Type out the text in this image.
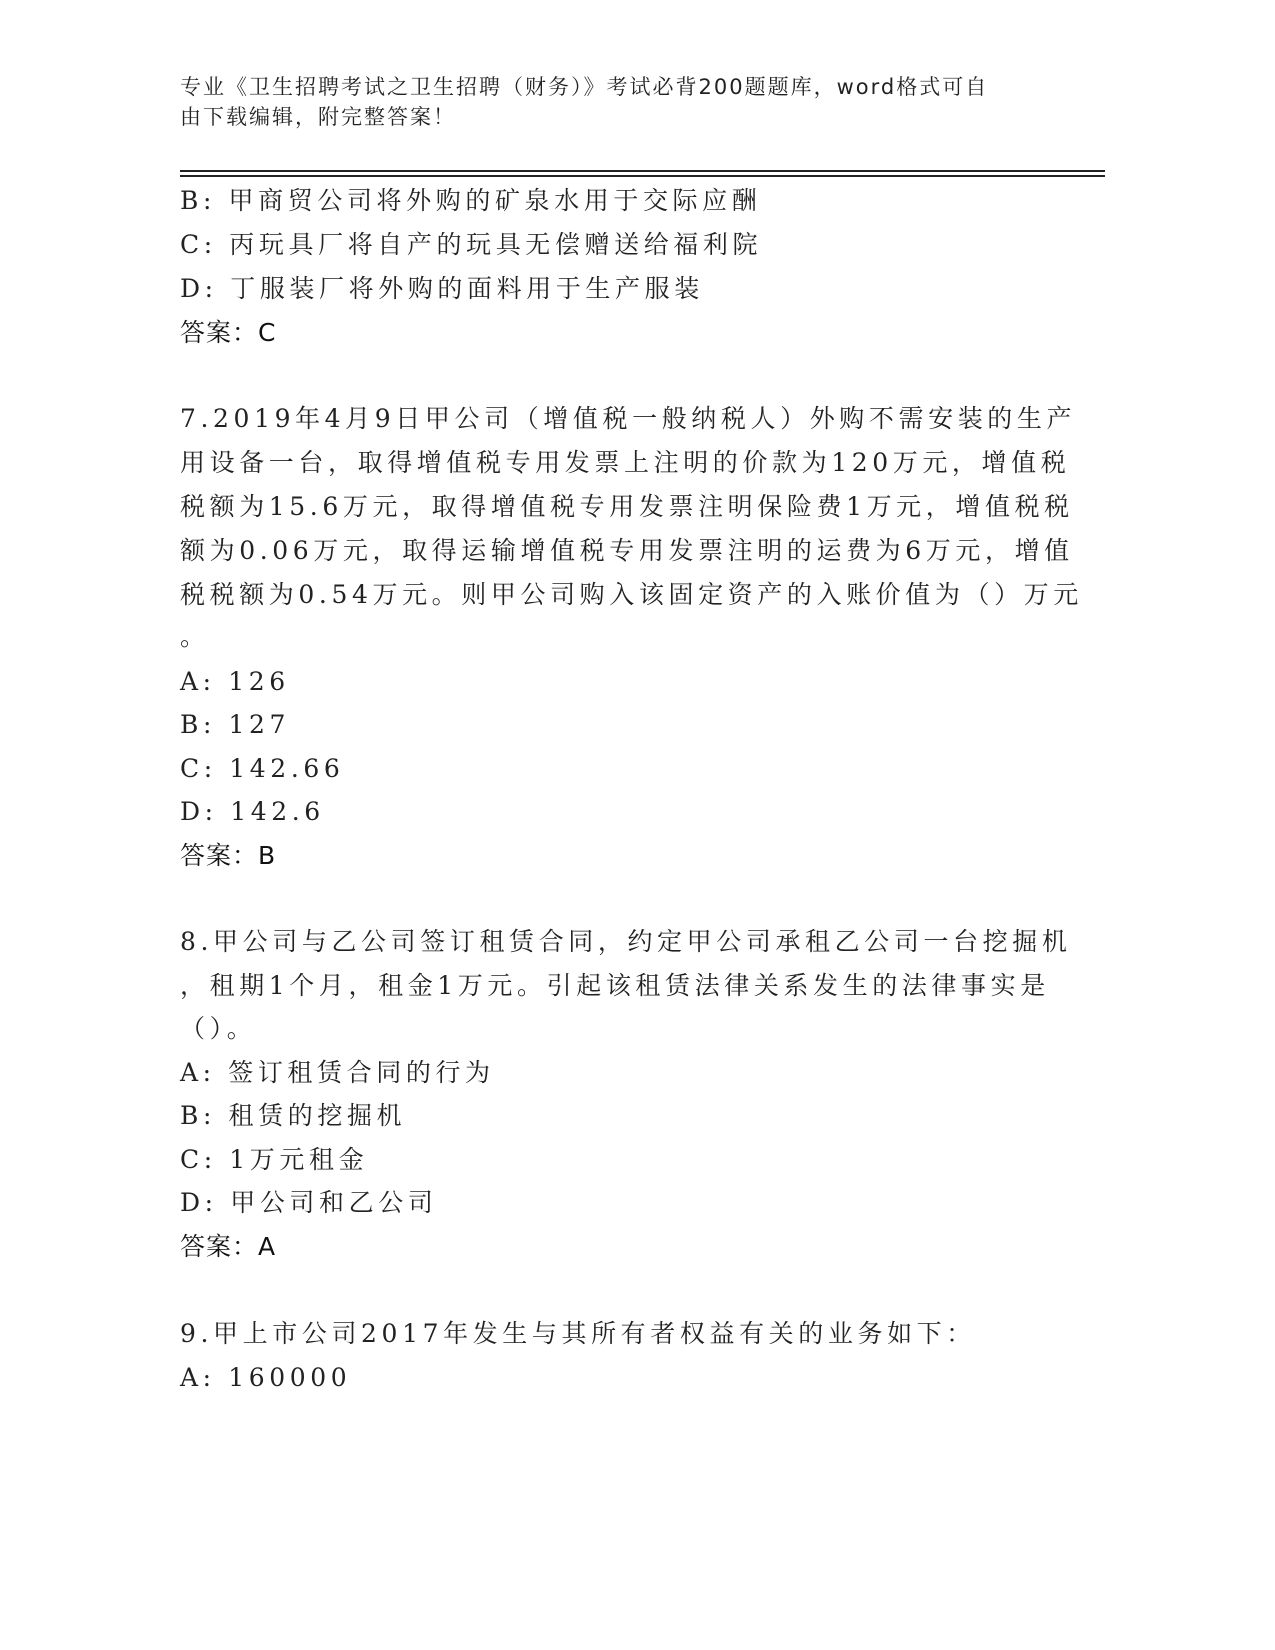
专业《卫生招聘考试之卫生招聘（财务）》考试必背200题题库，word格式可自
由下载编辑，附完整答案！
B: 甲商贸公司将外购的矿泉水用于交际应酬
C: 丙玩具厂将自产的玩具无偿赠送给福利院
D: 丁服装厂将外购的面料用于生产服装
答案：C
7.2019年4月9日甲公司（增值税一般纳税人）外购不需安装的生产
用设备一台，取得增值税专用发票上注明的价款为120万元，增值税
税额为15.6万元，取得增值税专用发票注明保险费1万元，增值税税
额为0.06万元，取得运输增值税专用发票注明的运费为6万元，增值
税税额为0.54万元。则甲公司购入该固定资产的入账价值为（）万元
。
A: 126
B: 127
C: 142.66
D: 142.6
答案：B
8.甲公司与乙公司签订租赁合同，约定甲公司承租乙公司一台挖掘机
，租期1个月，租金1万元。引起该租赁法律关系发生的法律事实是
（）。
A: 签订租赁合同的行为
B: 租赁的挖掘机
C: 1万元租金
D: 甲公司和乙公司
答案：A
9.甲上市公司2017年发生与其所有者权益有关的业务如下：
A: 160000
